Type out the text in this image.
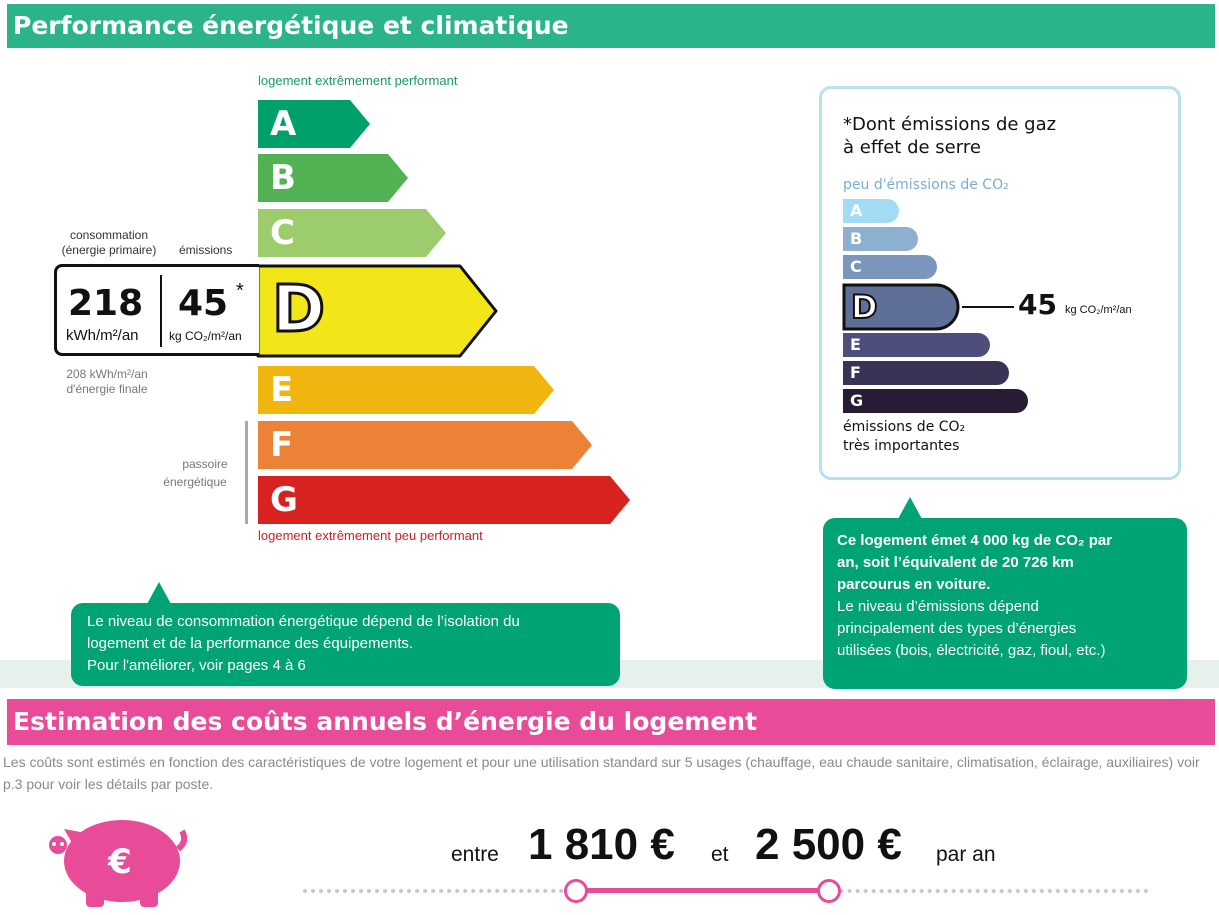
Performance énergétique et climatique
logement extrêmement performant
A
B
C
D
E
F
G
logement extrêmement peu performant
consommation
(énergie primaire)	émissions
218
kWh/m²/an
45 *
kg CO₂/m²/an
208 kWh/m²/an
d'énergie finale
passoire
énergétique
Le niveau de consommation énergétique dépend de l’isolation du
logement et de la performance des équipements.
Pour l'améliorer, voir pages 4 à 6
*Dont émissions de gaz
à effet de serre
peu d'émissions de CO₂
A
B
C
D	45 kg CO₂/m²/an
E
F
G
émissions de CO₂
très importantes
Ce logement émet 4 000 kg de CO₂ par
an, soit l’équivalent de 20 726 km
parcourus en voiture.
Le niveau d’émissions dépend
principalement des types d’énergies
utilisées (bois, électricité, gaz, fioul, etc.)
Estimation des coûts annuels d’énergie du logement
Les coûts sont estimés en fonction des caractéristiques de votre logement et pour une utilisation standard sur 5 usages (chauffage, eau chaude sanitaire, climatisation, éclairage, auxiliaires) voir p.3 pour voir les détails par poste.
€	entre 1 810 € et 2 500 € par an
